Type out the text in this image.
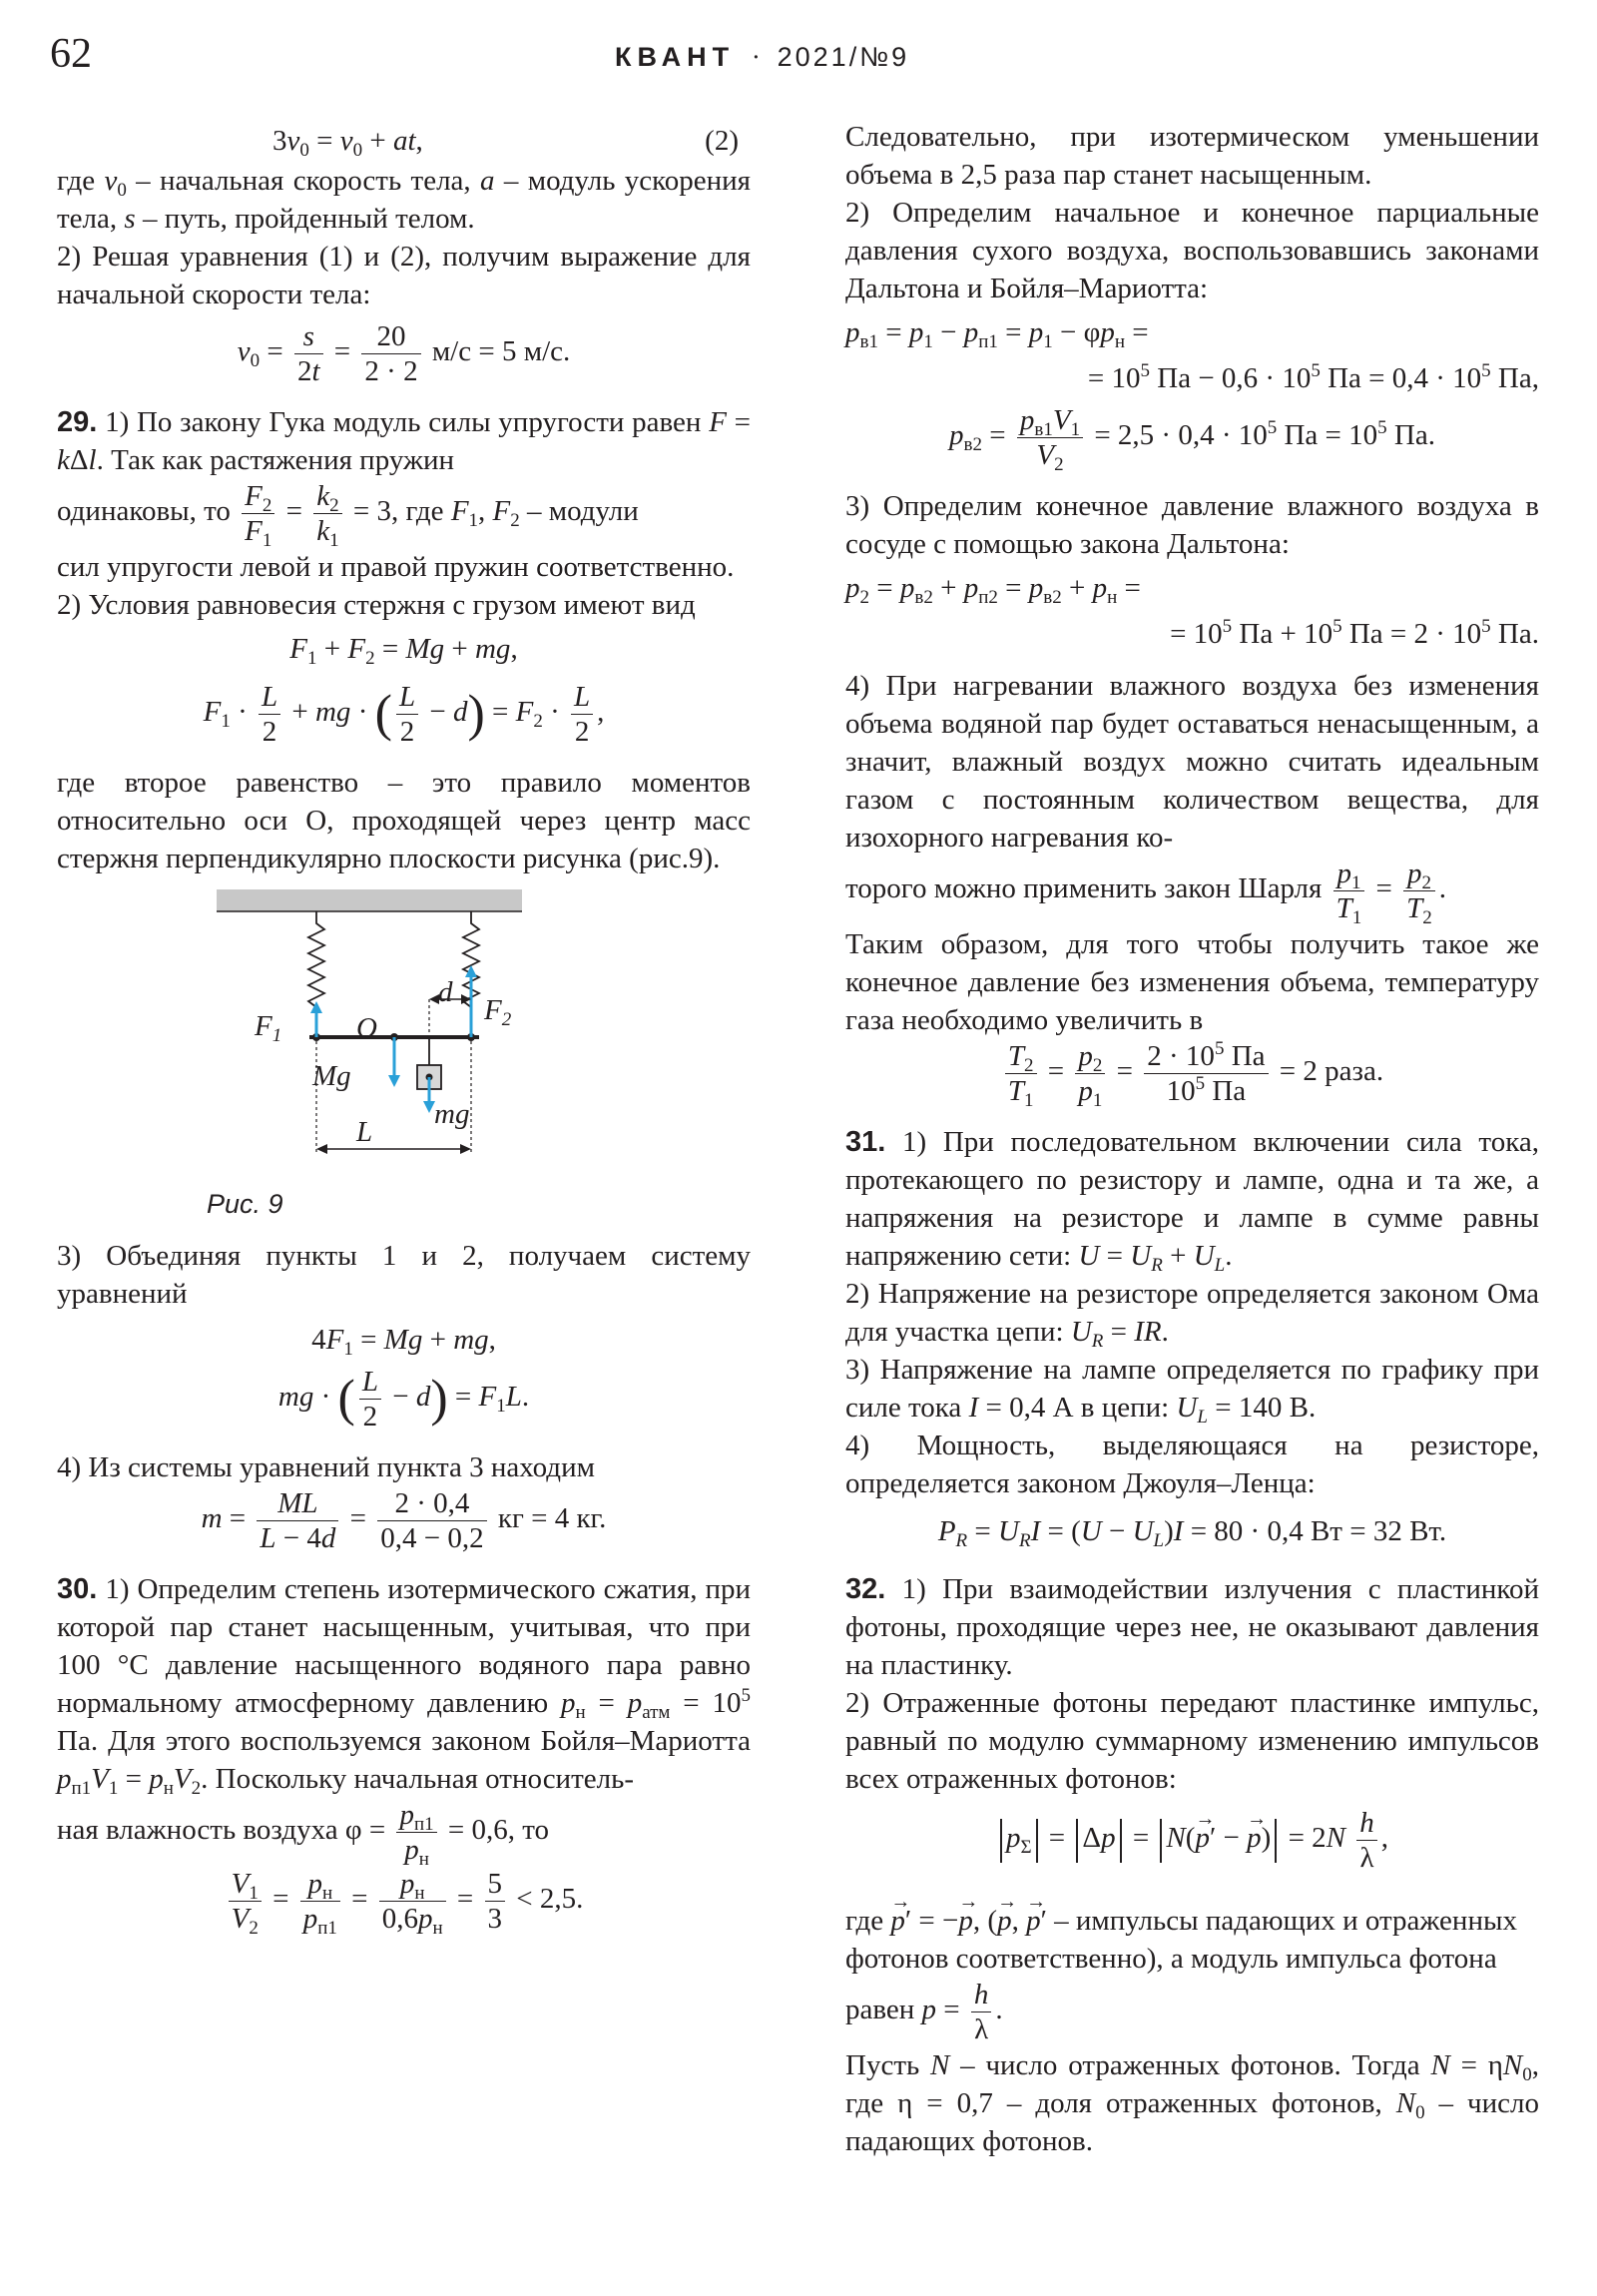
62	КВАНТ · 2021/№9
$3v_0 = v_0$ + at,	(2)

где $v_0$ – начальная скорость тела, a – модуль ускорения тела, s – путь, пройденный телом.

2) Решая уравнения (1) и (2), получим выражение для начальной скорости тела:

$v_0 = \frac{s}{2t} = \frac{20}{2 \cdot 2} м/с = 5$ м/с.

29. 1) По закону Гука модуль силы упругости равен F = kΔl. Так как растяжения пружин

одинаковы, то $\frac{F_2}{F_1} = \frac{k_2}{k_1} = 3$, где $F_1$, $F_2$ – модули

сил упругости левой и правой пружин соответственно.

2) Условия равновесия стержня с грузом имеют вид

$F_1 + F_2 = Mg$ + mg,
$F_1 \cdot \frac{L}{2}$ + mg · ( $\frac{L}{2} - d) = F_2 \cdot \frac{L}{2}$ ,

где второе равенство – это правило моментов относительно оси O, проходящей через центр масс стержня перпендикулярно плоскости рисунка (рис.9).

$F_1$	O
d
$F_2$
Mg
mg
L
Рис. 9

3) Объединяя пункты 1 и 2, получаем систему уравнений

$4F_1 = Mg$ + mg,
mg · ( $\frac{L}{2} - d) = F_1L$.

4) Из системы уравнений пункта 3 находим

$m = \frac{ML}{L - 4d} = \frac{2 \cdot 0,4}{0,4 - 0,2}$ кг = 4 кг.

30. 1) Определим степень изотермического сжатия, при которой пар станет насыщенным, учитывая, что при 100 °C давление насыщенного водяного пара равно нормальному атмосферному давлению $p_н = p_{атм} = 10^5$ Па. Для этого воспользуемся законом Бойля–Мариотта $p_{п1}V_1 = p_нV_2$. Поскольку начальная относитель-

ная влажность воздуха $\varphi = \frac{p_{п1}}{p_н} = 0,6$, то

$\frac{V_1}{V_2} = \frac{p_н}{p_{п1}} = \frac{p_н}{0,6p_н} = \frac{5}{3} < 2,5$.

Следовательно, при изотермическом уменьшении объема в 2,5 раза пар станет насыщенным.

2) Определим начальное и конечное парциальные давления сухого воздуха, воспользовавшись законами Дальтона и Бойля–Мариотта:

$p_{в1} = p_1 - p_{п1} = p_1 - \varphi p_н$ =
= $10^5$ Па − $0,6 \cdot 10^5$ Па = $0,4 \cdot 10^5$ Па,
$p_{в2} = \frac{p_{в1}V_1}{V_2} = 2,5 \cdot 0,4 \cdot 10^5$ Па = $10^5$ Па.

3) Определим конечное давление влажного воздуха в сосуде с помощью закона Дальтона:

$p_2 = p_{в2} + p_{п2} = p_{в2} + p_н$ =
= $10^5$ Па + $10^5$ Па = $2 \cdot 10^5$ Па.

4) При нагревании влажного воздуха без изменения объема водяной пар будет оставаться ненасыщенным, а значит, влажный воздух можно считать идеальным газом с постоянным количеством вещества, для изохорного нагревания ко-

торого можно применить закон Шарля $\frac{p_1}{T_1} = \frac{p_2}{T_2}$ .

Таким образом, для того чтобы получить такое же конечное давление без изменения объема, температуру газа необходимо увеличить в

$\frac{T_2}{T_1} = \frac{p_2}{p_1} = \frac{2 \cdot 10^5 Па}{10^5 Па} = 2$ раза.

31. 1) При последовательном включении сила тока, протекающего по резистору и лампе, одна и та же, а напряжения на резисторе и лампе в сумме равны напряжению сети: $U = U_R + U_L$.

2) Напряжение на резисторе определяется законом Ома для участка цепи: $U_R$ = IR.

3) Напряжение на лампе определяется по графику при силе тока I = 0,4 А в цепи: $U_L = 140$ В.

4) Мощность, выделяющаяся на резисторе, определяется законом Джоуля–Ленца:

$P_R = U_RI = (U - U_L)I = 80 \cdot 0,4$ Вт = 32 Вт.

32. 1) При взаимодействии излучения с пластинкой фотоны, проходящие через нее, не оказывают давления на пластинку.

2) Отраженные фотоны передают пластинке импульс, равный по модулю суммарному изменению импульсов всех отраженных фотонов:

$p_\Sigma = \Delta p = N(\to p'$ − → $p) = 2N \frac{h}{\lambda}$ ,

где → p′ = −→ p, (→ p, → p′ – импульсы падающих и отраженных фотонов соответственно), а модуль импульса фотона равен $p = \frac{h}{\lambda}$ .

Пусть N – число отраженных фотонов. Тогда $N = \eta N_0$, где η = 0,7 – доля отраженных фотонов, $N_0$ – число падающих фотонов.
